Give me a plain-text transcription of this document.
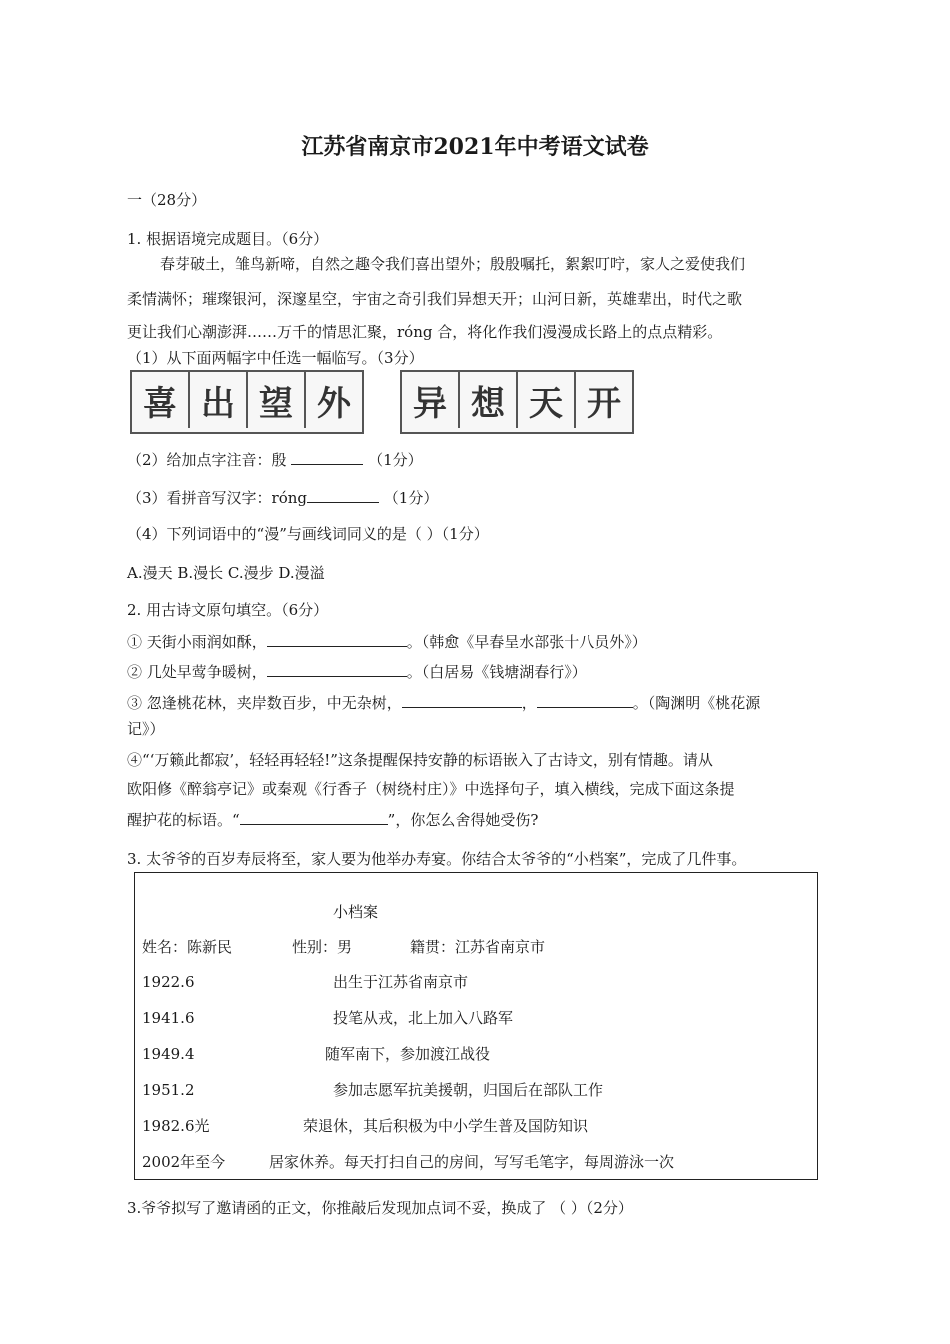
江苏省南京市2021年中考语文试卷
一（28分）
1. 根据语境完成题目。（6分）
春芽破土，雏鸟新啼，自然之趣令我们喜出望外；殷殷嘱托，絮絮叮咛，家人之爱使我们
柔情满怀；璀璨银河，深邃星空，宇宙之奇引我们异想天开；山河日新，英雄辈出，时代之歌
更让我们心潮澎湃……万千的情思汇聚，róng 合，将化作我们漫漫成长路上的点点精彩。
（1）从下面两幅字中任选一幅临写。（3分）
喜 出 望 外	异 想 天 开
（2）给加点字注音：殷	（1分）
（3）看拼音写汉字：róng	（1分）
（4）下列词语中的“漫”与画线词同义的是（ ）（1分）
A.漫天 B.漫长 C.漫步 D.漫溢
2. 用古诗文原句填空。（6分）
① 天街小雨润如酥，	。（韩愈《早春呈水部张十八员外》）
② 几处早莺争暖树，	。（白居易《钱塘湖春行》）
③ 忽逢桃花林，夹岸数百步，中无杂树，	，	。（陶渊明《桃花源
记》）
④“‘万籁此都寂’，轻轻再轻轻!”这条提醒保持安静的标语嵌入了古诗文，别有情趣。请从
欧阳修《醉翁亭记》或秦观《行香子（树绕村庄）》中选择句子，填入横线，完成下面这条提
醒护花的标语。“	”，你怎么舍得她受伤?
3. 太爷爷的百岁寿辰将至，家人要为他举办寿宴。你结合太爷爷的“小档案”，完成了几件事。
小档案
姓名：陈新民	性别：男	籍贯：江苏省南京市
1922.6	出生于江苏省南京市
1941.6	投笔从戎，北上加入八路军
1949.4	随军南下，参加渡江战役
1951.2	参加志愿军抗美援朝，归国后在部队工作
1982.6光	荣退休，其后积极为中小学生普及国防知识
2002年至今	居家休养。每天打扫自己的房间，写写毛笔字，每周游泳一次
3.爷爷拟写了邀请函的正文，你推敲后发现加点词不妥，换成了 （ ）（2分）
